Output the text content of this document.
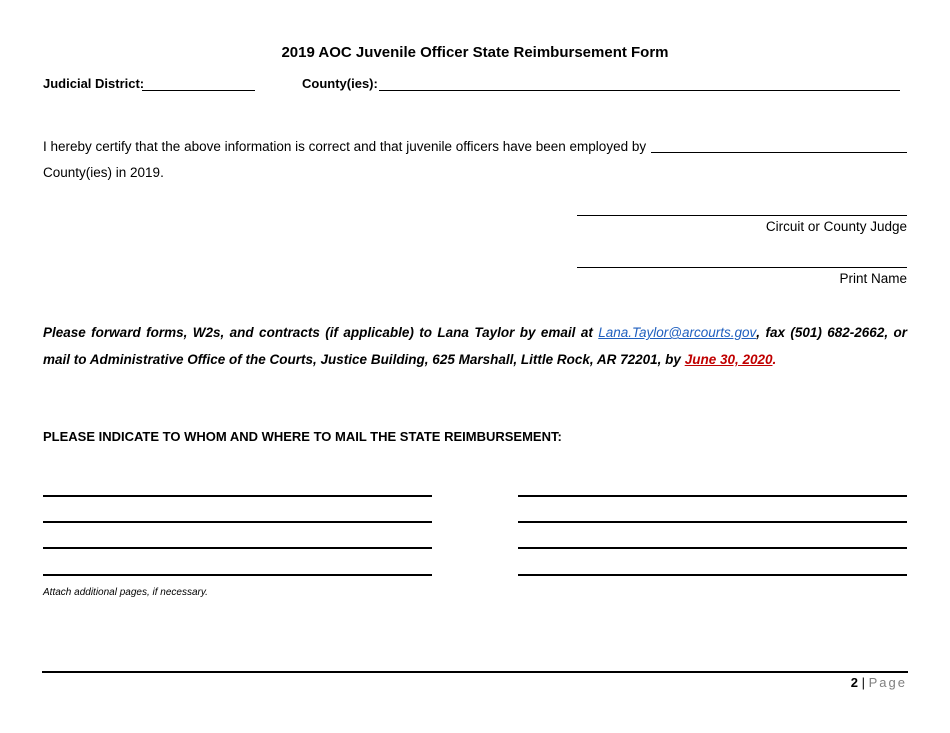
2019 AOC Juvenile Officer State Reimbursement Form
Judicial District:	County(ies):
I hereby certify that the above information is correct and that juvenile officers have been employed by
County(ies) in 2019.
Circuit or County Judge
Print Name
Please forward forms, W2s, and contracts (if applicable) to Lana Taylor by email at Lana.Taylor@arcourts.gov, fax (501) 682-2662, or mail to Administrative Office of the Courts, Justice Building, 625 Marshall, Little Rock, AR 72201, by June 30, 2020.
PLEASE INDICATE TO WHOM AND WHERE TO MAIL THE STATE REIMBURSEMENT:
Attach additional pages, if necessary.
2 | Page
